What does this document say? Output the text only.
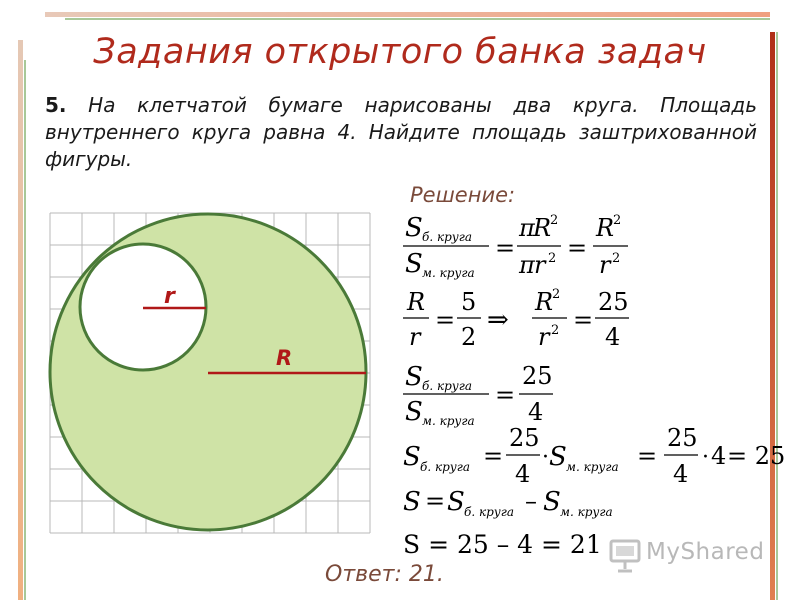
Задания открытого банка задач

5. На клетчатой бумаге нарисованы два круга. Площадь внутреннего круга равна 4. Найдите площадь заштрихованной фигуры.

Решение:
r
R
S б. круга
S м. круга
=
π
R
2
π r 2 =
R
2
r 2
R
r
=
5
2
⇒
R
2
r 2 =
25
4
S б. круга
S м. круга
=
25
4
S б. круга =
25
4
· S м. круга =
25
4
· 4 = 25
S = S б. круга – S м. круга
S = 25 – 4 = 21
Ответ: 21.
MyShared
